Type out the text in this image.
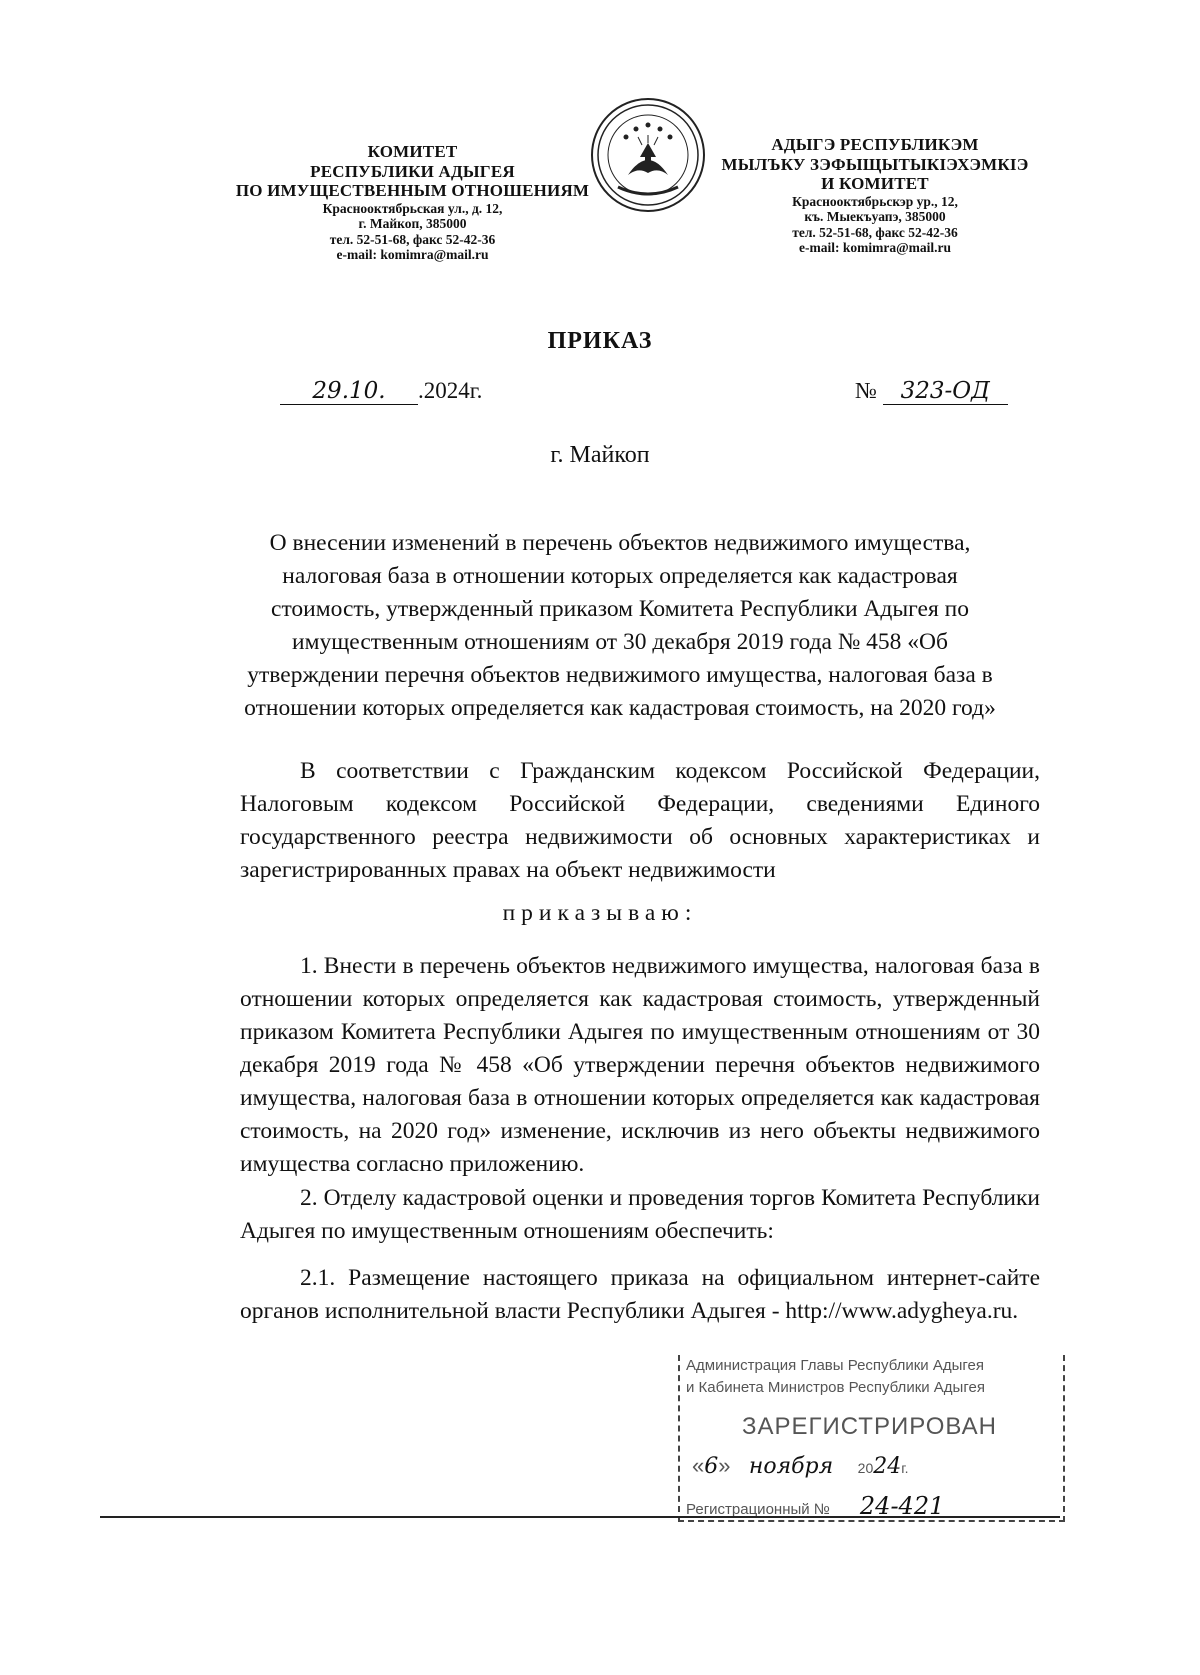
КОМИТЕТ
РЕСПУБЛИКИ АДЫГЕЯ
ПО ИМУЩЕСТВЕННЫМ ОТНОШЕНИЯМ
Краснооктябрьская ул., д. 12,
г. Майкоп, 385000
тел. 52-51-68, факс 52-42-36
e-mail: komimra@mail.ru
АДЫГЭ РЕСПУБЛИКЭМ
МЫЛЪКУ ЗЭФЫЩЫТЫКIЭХЭМКIЭ
И КОМИТЕТ
Краснооктябрьскэр ур., 12,
къ. Мыекъуапэ, 385000
тел. 52-51-68, факс 52-42-36
e-mail: komimra@mail.ru
ПРИКАЗ
29.10. .2024г.	№ 323-ОД
г. Майкоп
О внесении изменений в перечень объектов недвижимого имущества, налоговая база в отношении которых определяется как кадастровая стоимость, утвержденный приказом Комитета Республики Адыгея по имущественным отношениям от 30 декабря 2019 года № 458 «Об утверждении перечня объектов недвижимого имущества, налоговая база в отношении которых определяется как кадастровая стоимость, на 2020 год»
В соответствии с Гражданским кодексом Российской Федерации, Налоговым кодексом Российской Федерации, сведениями Единого государственного реестра недвижимости об основных характеристиках и зарегистрированных правах на объект недвижимости
приказываю:
1. Внести в перечень объектов недвижимого имущества, налоговая база в отношении которых определяется как кадастровая стоимость, утвержденный приказом Комитета Республики Адыгея по имущественным отношениям от 30 декабря 2019 года № 458 «Об утверждении перечня объектов недвижимого имущества, налоговая база в отношении которых определяется как кадастровая стоимость, на 2020 год» изменение, исключив из него объекты недвижимого имущества согласно приложению.
2. Отделу кадастровой оценки и проведения торгов Комитета Республики Адыгея по имущественным отношениям обеспечить:
2.1. Размещение настоящего приказа на официальном интернет-сайте органов исполнительной власти Республики Адыгея - http://www.adygheya.ru.
Администрация Главы Республики Адыгея
и Кабинета Министров Республики Адыгея
ЗАРЕГИСТРИРОВАН
«6»   ноября 2024г.
Регистрационный № 24-421
